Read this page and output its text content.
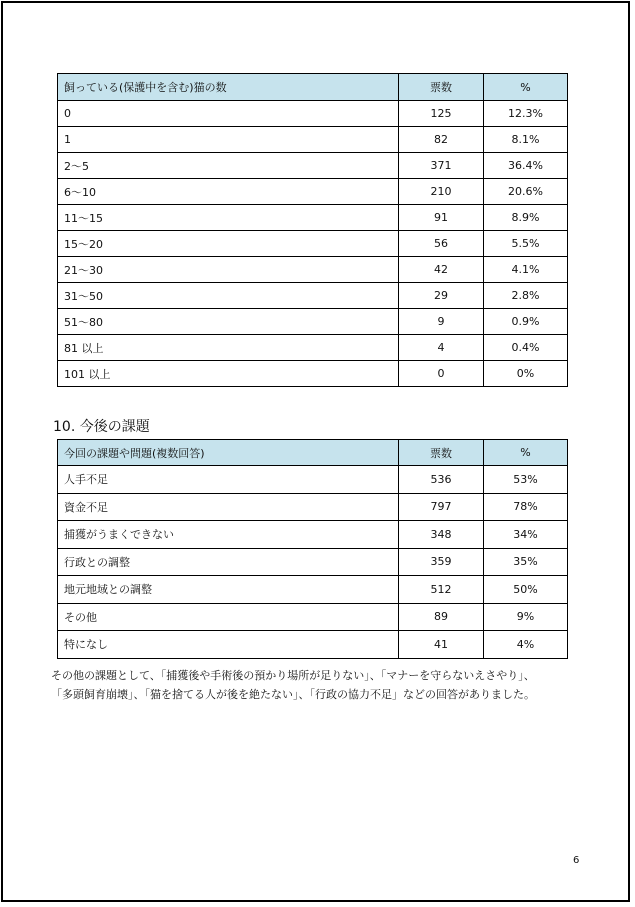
飼っている(保護中を含む)猫の数	票数	%
0	125	12.3%
1	82	8.1%
2～5	371	36.4%
6～10	210	20.6%
11～15	91	8.9%
15～20	56	5.5%
21～30	42	4.1%
31～50	29	2.8%
51～80	9	0.9%
81 以上	4	0.4%
101 以上	0	0%
10. 今後の課題
今回の課題や問題(複数回答)	票数	%
人手不足	536	53%
資金不足	797	78%
捕獲がうまくできない	348	34%
行政との調整	359	35%
地元地域との調整	512	50%
その他	89	9%
特になし	41	4%

その他の課題として、「捕獲後や手術後の預かり場所が足りない」、「マナーを守らないえさやり」、
「多頭飼育崩壊」、「猫を捨てる人が後を絶たない」、「行政の協力不足」などの回答がありました。

6
